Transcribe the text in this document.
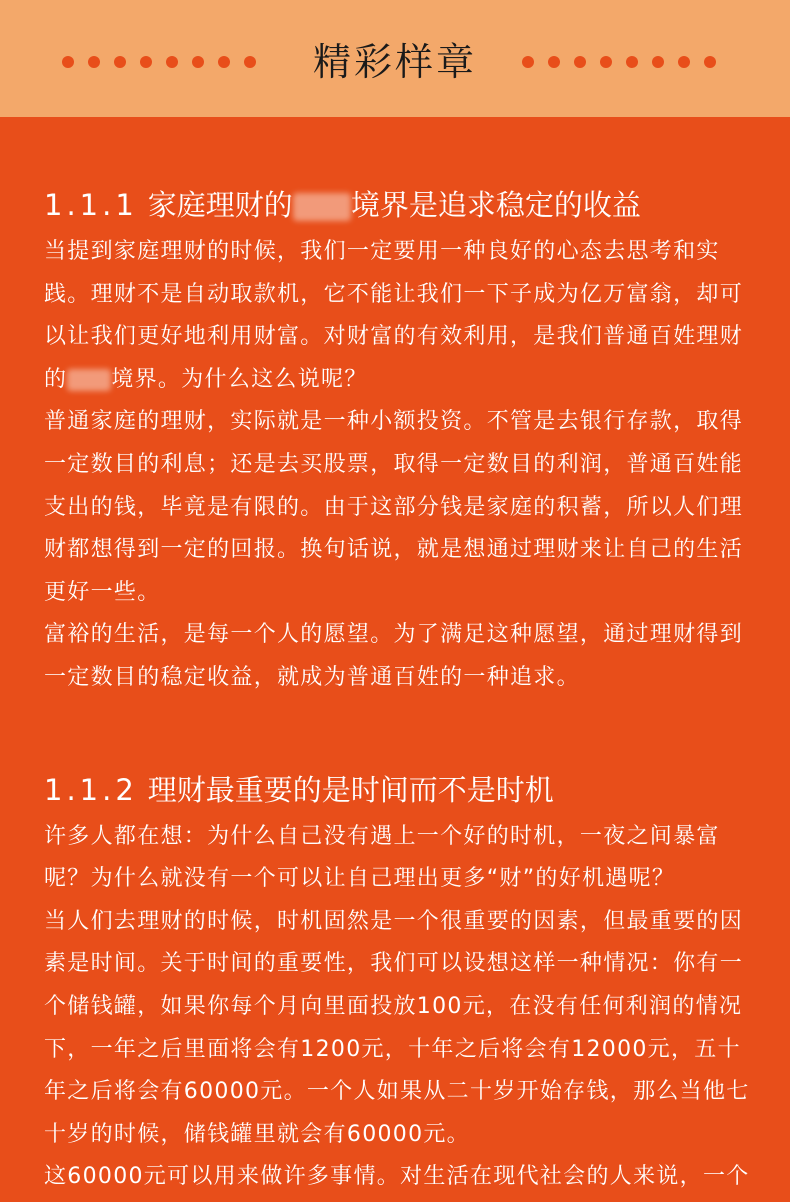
精彩样章
1.1.1 家庭理财的 境界是追求稳定的收益

当提到家庭理财的时候，我们一定要用一种良好的心态去思考和实践。理财不是自动取款机，它不能让我们一下子成为亿万富翁，却可以让我们更好地利用财富。对财富的有效利用，是我们普通百姓理财的 境界。为什么这么说呢？

普通家庭的理财，实际就是一种小额投资。不管是去银行存款，取得一定数目的利息；还是去买股票，取得一定数目的利润，普通百姓能支出的钱，毕竟是有限的。由于这部分钱是家庭的积蓄，所以人们理财都想得到一定的回报。换句话说，就是想通过理财来让自己的生活更好一些。

富裕的生活，是每一个人的愿望。为了满足这种愿望，通过理财得到一定数目的稳定收益，就成为普通百姓的一种追求。

1.1.2 理财最重要的是时间而不是时机

许多人都在想：为什么自己没有遇上一个好的时机，一夜之间暴富呢？为什么就没有一个可以让自己理出更多“财”的好机遇呢？

当人们去理财的时候，时机固然是一个很重要的因素，但最重要的因素是时间。关于时间的重要性，我们可以设想这样一种情况：你有一个储钱罐，如果你每个月向里面投放100元，在没有任何利润的情况下，一年之后里面将会有1200元，十年之后将会有12000元，五十年之后将会有60000元。一个人如果从二十岁开始存钱，那么当他七十岁的时候，储钱罐里就会有60000元。

这60000元可以用来做许多事情。对生活在现代社会的人来说，一个
